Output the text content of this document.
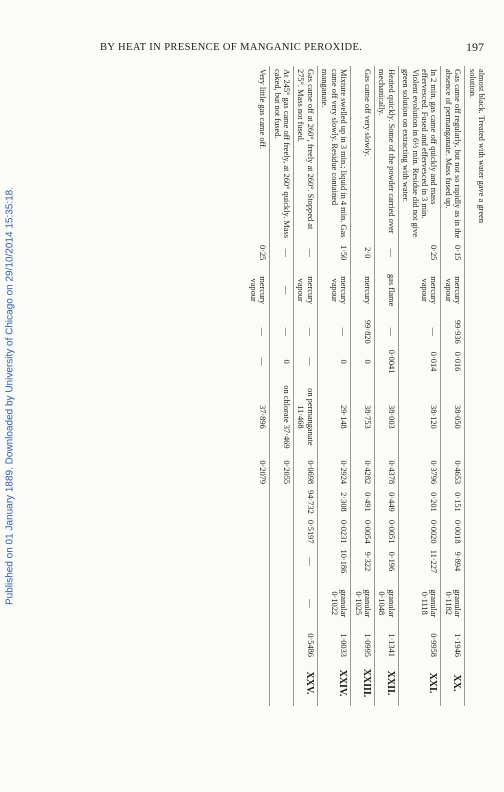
BY HEAT IN PRESENCE OF MANGANIC PEROXIDE.	197
Published on 01 January 1889. Downloaded by University of Chicago on 29/10/2014 15:35:18.
almost black. Treated with water gave a green solution.												
Gas came off regularly, but not so rapidly as in the absence of permanganate. Mass fused up.	0·15	mercury vapour	99·936	0·016	38·050	0·4653	0·151	0·0018	9·894	granular 0·1182	1·1946	XX.
In 2 min. gas came off quickly and mass effervesced. Fused and effervesced in 3 min. Violent evolution in 6½ min. Residue did not give green solution on extracting with water.	0·25	mercury vapour	—	0·014	38·120	0·3796	0·201	0·0020	11·227	granular 0·1118	0·9958	XXI.
Heated quickly. Some of the powder carried over mechanically.	—	gas flame	—	0·0041	38·003	0·4378	0·449	0·0051	0·196	granular 0·1048	1·1341	XXII.
Gas came off very slowly.	2·0	mercury	99·820	0	38·753	0·4282	0·491	0·0054	9·322	granular 0·1025	1·0995	XXIII.
Mixture swelled up in 3 min.; liquid in 4 min. Gas came off very slowly. Residue contained manganate.	1·50	mercury vapour	—	0	29·148	0·2924	2·308	0·0231	10·186	granular 0·1022	1·0033	XXIV.
Gas came off at 260°, freely at 260°. Stopped at 275°. Mass not fused.	—	mercury vapour	—	—	on permanganate 11·468	0·0698	94·732	0·5197	—	—	0·5486	XXV.
At 245° gas came off freely, at 260° quickly. Mass caked, but not fused.	—	—	—	0	on chlorate 37·469	0·2055						
Very little gas came off.	0·25	mercury vapour	—	—	37·896	0·2079						
